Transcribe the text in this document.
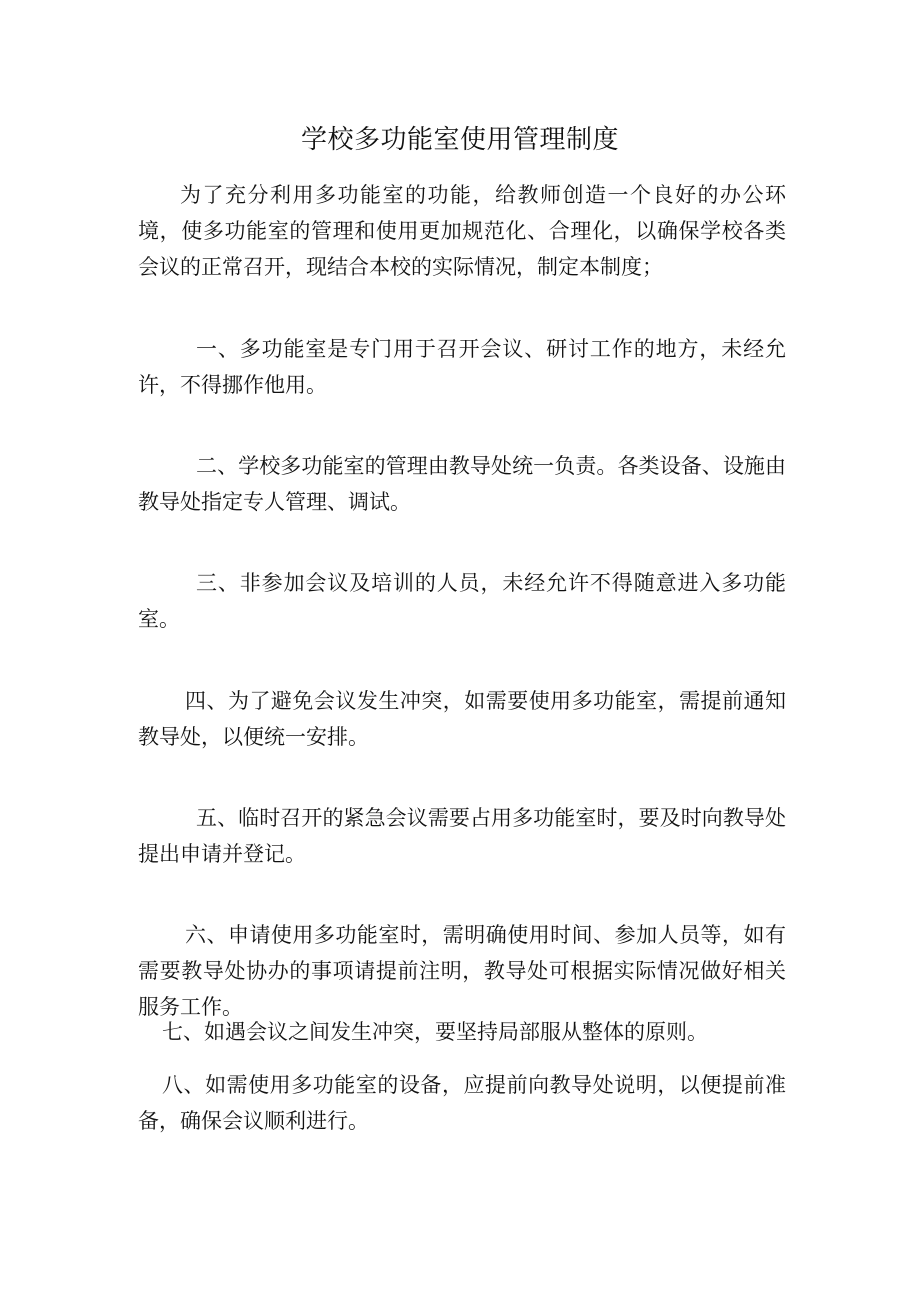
学校多功能室使用管理制度

为了充分利用多功能室的功能，给教师创造一个良好的办公环境，使多功能室的管理和使用更加规范化、合理化，以确保学校各类会议的正常召开，现结合本校的实际情况，制定本制度；

一、多功能室是专门用于召开会议、研讨工作的地方，未经允许，不得挪作他用。

二、学校多功能室的管理由教导处统一负责。各类设备、设施由教导处指定专人管理、调试。

三、非参加会议及培训的人员，未经允许不得随意进入多功能室。

四、为了避免会议发生冲突，如需要使用多功能室，需提前通知教导处，以便统一安排。

五、临时召开的紧急会议需要占用多功能室时，要及时向教导处提出申请并登记。

六、申请使用多功能室时，需明确使用时间、参加人员等，如有需要教导处协办的事项请提前注明，教导处可根据实际情况做好相关服务工作。

七、如遇会议之间发生冲突，要坚持局部服从整体的原则。

八、如需使用多功能室的设备，应提前向教导处说明，以便提前准备，确保会议顺利进行。
